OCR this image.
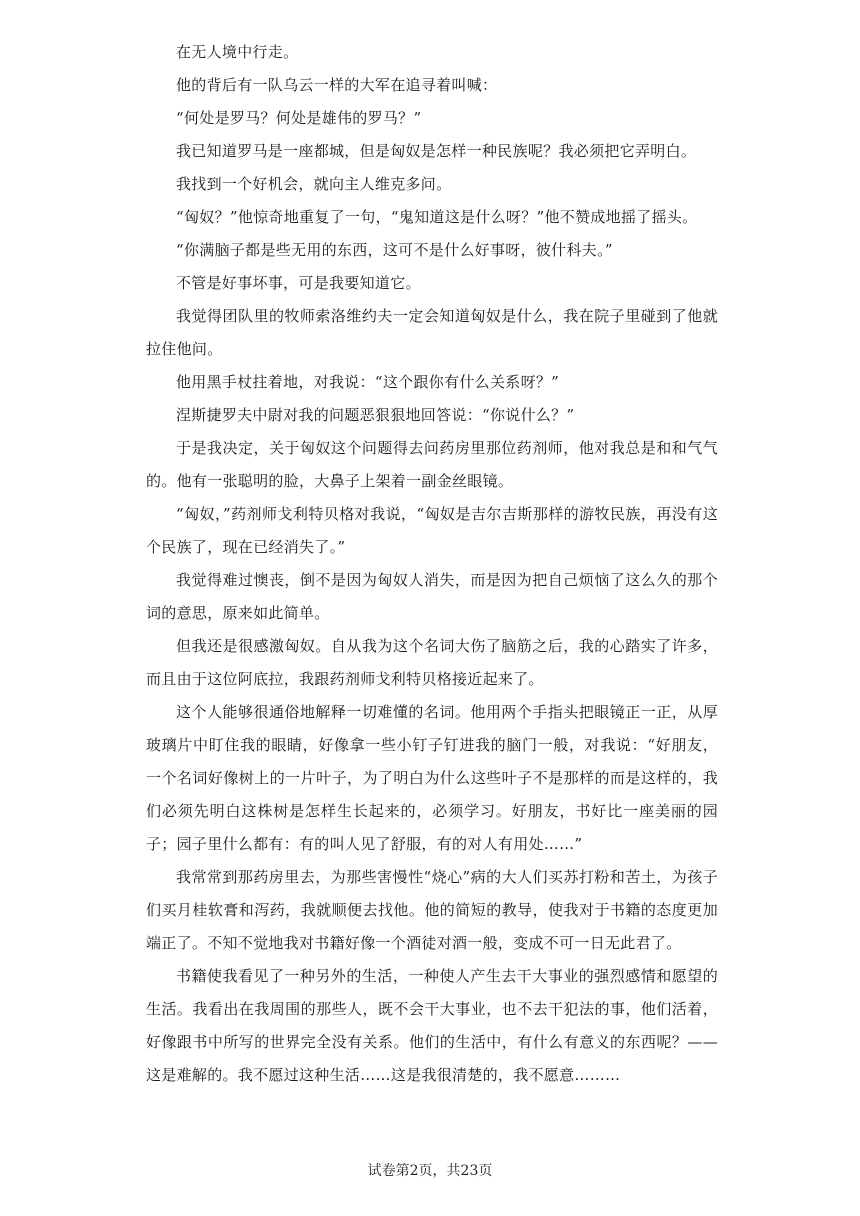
在无人境中行走。

他的背后有一队乌云一样的大军在追寻着叫喊：

“何处是罗马？何处是雄伟的罗马？”

我已知道罗马是一座都城，但是匈奴是怎样一种民族呢？我必须把它弄明白。

我找到一个好机会，就向主人维克多问。

“匈奴？”他惊奇地重复了一句，“鬼知道这是什么呀？”他不赞成地摇了摇头。

“你满脑子都是些无用的东西，这可不是什么好事呀，彼什科夫。”

不管是好事坏事，可是我要知道它。

我觉得团队里的牧师索洛维约夫一定会知道匈奴是什么，我在院子里碰到了他就拉住他问。

他用黑手杖拄着地，对我说：“这个跟你有什么关系呀？”

涅斯捷罗夫中尉对我的问题恶狠狠地回答说：“你说什么？”

于是我决定，关于匈奴这个问题得去问药房里那位药剂师，他对我总是和和气气的。他有一张聪明的脸，大鼻子上架着一副金丝眼镜。

“匈奴，”药剂师戈利特贝格对我说，“匈奴是吉尔吉斯那样的游牧民族，再没有这个民族了，现在已经消失了。”

我觉得难过懊丧，倒不是因为匈奴人消失，而是因为把自己烦恼了这么久的那个词的意思，原来如此简单。

但我还是很感激匈奴。自从我为这个名词大伤了脑筋之后，我的心踏实了许多，而且由于这位阿底拉，我跟药剂师戈利特贝格接近起来了。

这个人能够很通俗地解释一切难懂的名词。他用两个手指头把眼镜正一正，从厚玻璃片中盯住我的眼睛，好像拿一些小钉子钉进我的脑门一般，对我说：“好朋友，一个名词好像树上的一片叶子，为了明白为什么这些叶子不是那样的而是这样的，我们必须先明白这株树是怎样生长起来的，必须学习。好朋友，书好比一座美丽的园子；园子里什么都有：有的叫人见了舒服，有的对人有用处……”

我常常到那药房里去，为那些害慢性“烧心”病的大人们买苏打粉和苦土，为孩子们买月桂软膏和泻药，我就顺便去找他。他的简短的教导，使我对于书籍的态度更加端正了。不知不觉地我对书籍好像一个酒徒对酒一般，变成不可一日无此君了。

书籍使我看见了一种另外的生活，一种使人产生去干大事业的强烈感情和愿望的生活。我看出在我周围的那些人，既不会干大事业，也不去干犯法的事，他们活着，好像跟书中所写的世界完全没有关系。他们的生活中，有什么有意义的东西呢？——这是难解的。我不愿过这种生活……这是我很清楚的，我不愿意………

试卷第2页，共23页
